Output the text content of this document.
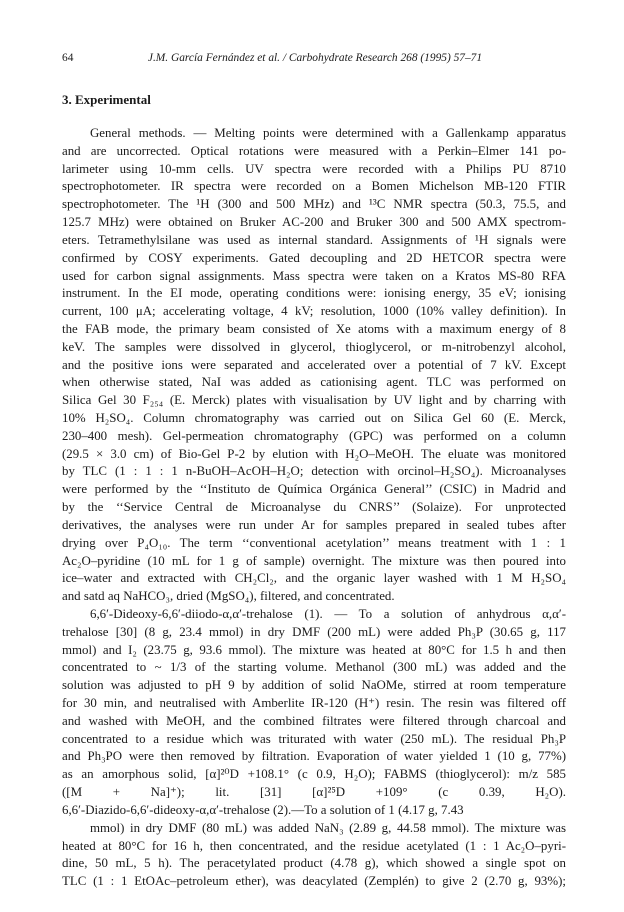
64	J.M. García Fernández et al. / Carbohydrate Research 268 (1995) 57–71
3. Experimental
General methods. — Melting points were determined with a Gallenkamp apparatus
and are uncorrected. Optical rotations were measured with a Perkin–Elmer 141 po-
larimeter using 10-mm cells. UV spectra were recorded with a Philips PU 8710
spectrophotometer. IR spectra were recorded on a Bomen Michelson MB-120 FTIR
spectrophotometer. The ¹H (300 and 500 MHz) and ¹³C NMR spectra (50.3, 75.5, and
125.7 MHz) were obtained on Bruker AC-200 and Bruker 300 and 500 AMX spectrom-
eters. Tetramethylsilane was used as internal standard. Assignments of ¹H signals were
confirmed by COSY experiments. Gated decoupling and 2D HETCOR spectra were
used for carbon signal assignments. Mass spectra were taken on a Kratos MS-80 RFA
instrument. In the EI mode, operating conditions were: ionising energy, 35 eV; ionising
current, 100 μA; accelerating voltage, 4 kV; resolution, 1000 (10% valley definition). In
the FAB mode, the primary beam consisted of Xe atoms with a maximum energy of 8
keV. The samples were dissolved in glycerol, thioglycerol, or m-nitrobenzyl alcohol,
and the positive ions were separated and accelerated over a potential of 7 kV. Except
when otherwise stated, NaI was added as cationising agent. TLC was performed on
Silica Gel 30 F₂₅₄ (E. Merck) plates with visualisation by UV light and by charring with
10% H₂SO₄. Column chromatography was carried out on Silica Gel 60 (E. Merck,
230–400 mesh). Gel-permeation chromatography (GPC) was performed on a column
(29.5 × 3.0 cm) of Bio-Gel P-2 by elution with H₂O–MeOH. The eluate was monitored
by TLC (1 : 1 : 1 n-BuOH–AcOH–H₂O; detection with orcinol–H₂SO₄). Microanalyses
were performed by the ‘‘Instituto de Química Orgánica General’’ (CSIC) in Madrid and
by the ‘‘Service Central de Microanalyse du CNRS’’ (Solaize). For unprotected
derivatives, the analyses were run under Ar for samples prepared in sealed tubes after
drying over P₄O₁₀. The term ‘‘conventional acetylation’’ means treatment with 1 : 1
Ac₂O–pyridine (10 mL for 1 g of sample) overnight. The mixture was then poured into
ice–water and extracted with CH₂Cl₂, and the organic layer washed with 1 M H₂SO₄
and satd aq NaHCO₃, dried (MgSO₄), filtered, and concentrated.
6,6′-Dideoxy-6,6′-diiodo-α,α′-trehalose (1). — To a solution of anhydrous α,α′-
trehalose [30] (8 g, 23.4 mmol) in dry DMF (200 mL) were added Ph₃P (30.65 g, 117
mmol) and I₂ (23.75 g, 93.6 mmol). The mixture was heated at 80°C for 1.5 h and then
concentrated to ~ 1/3 of the starting volume. Methanol (300 mL) was added and the
solution was adjusted to pH 9 by addition of solid NaOMe, stirred at room temperature
for 30 min, and neutralised with Amberlite IR-120 (H⁺) resin. The resin was filtered off
and washed with MeOH, and the combined filtrates were filtered through charcoal and
concentrated to a residue which was triturated with water (250 mL). The residual Ph₃P
and Ph₃PO were then removed by filtration. Evaporation of water yielded 1 (10 g, 77%)
as an amorphous solid, [α]²⁰D +108.1° (c 0.9, H₂O); FABMS (thioglycerol): m/z 585
([M + Na]⁺); lit. [31] [α]²⁵D +109° (c 0.39, H₂O).
6,6′-Diazido-6,6′-dideoxy-α,α′-trehalose (2).—To a solution of 1 (4.17 g, 7.43
mmol) in dry DMF (80 mL) was added NaN₃ (2.89 g, 44.58 mmol). The mixture was
heated at 80°C for 16 h, then concentrated, and the residue acetylated (1 : 1 Ac₂O–pyri-
dine, 50 mL, 5 h). The peracetylated product (4.78 g), which showed a single spot on
TLC (1 : 1 EtOAc–petroleum ether), was deacylated (Zemplén) to give 2 (2.70 g, 93%);
